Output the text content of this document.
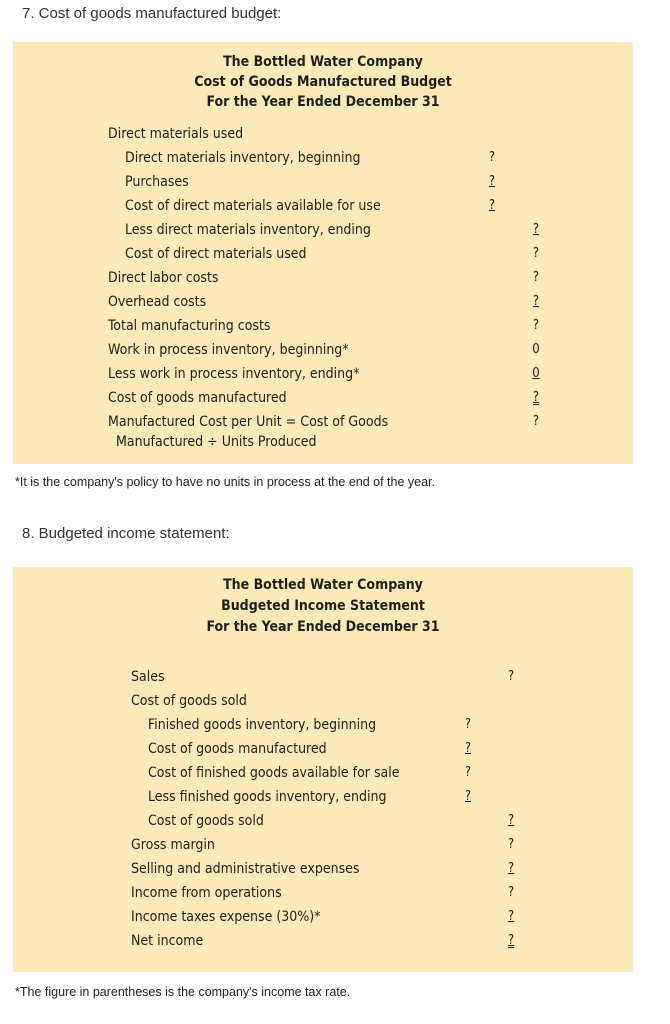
7. Cost of goods manufactured budget:
The Bottled Water Company
Cost of Goods Manufactured Budget
For the Year Ended December 31
Direct materials used
Direct materials inventory, beginning	?
Purchases	?
Cost of direct materials available for use	?
Less direct materials inventory, ending	?
Cost of direct materials used	?
Direct labor costs	?
Overhead costs	?
Total manufacturing costs	?
Work in process inventory, beginning*	0
Less work in process inventory, ending*	0
Cost of goods manufactured	?
Manufactured Cost per Unit = Cost of Goods	?
Manufactured ÷ Units Produced
*It is the company's policy to have no units in process at the end of the year.
8. Budgeted income statement:
The Bottled Water Company
Budgeted Income Statement
For the Year Ended December 31
Sales	?
Cost of goods sold
Finished goods inventory, beginning	?
Cost of goods manufactured	?
Cost of finished goods available for sale	?
Less finished goods inventory, ending	?
Cost of goods sold	?
Gross margin	?
Selling and administrative expenses	?
Income from operations	?
Income taxes expense (30%)*	?
Net income	?
*The figure in parentheses is the company's income tax rate.
